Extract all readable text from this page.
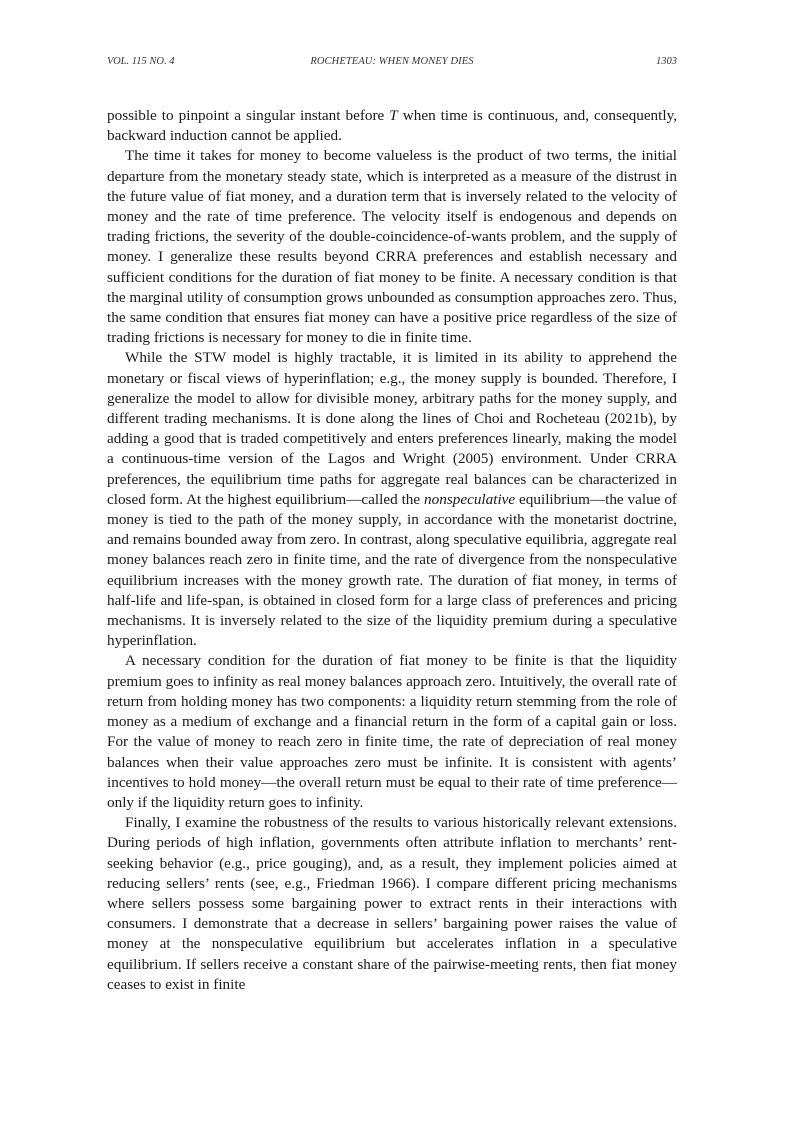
VOL. 115 NO. 4	ROCHETEAU: WHEN MONEY DIES	1303

possible to pinpoint a singular instant before T when time is continuous, and, consequently, backward induction cannot be applied.

The time it takes for money to become valueless is the product of two terms, the initial departure from the monetary steady state, which is interpreted as a measure of the distrust in the future value of fiat money, and a duration term that is inversely related to the velocity of money and the rate of time preference. The velocity itself is endogenous and depends on trading frictions, the severity of the double-coincidence-of-wants problem, and the supply of money. I generalize these results beyond CRRA preferences and establish necessary and sufficient conditions for the duration of fiat money to be finite. A necessary condition is that the marginal utility of consumption grows unbounded as consumption approaches zero. Thus, the same condition that ensures fiat money can have a positive price regardless of the size of trading frictions is necessary for money to die in finite time.

While the STW model is highly tractable, it is limited in its ability to apprehend the monetary or fiscal views of hyperinflation; e.g., the money supply is bounded. Therefore, I generalize the model to allow for divisible money, arbitrary paths for the money supply, and different trading mechanisms. It is done along the lines of Choi and Rocheteau (2021b), by adding a good that is traded competitively and enters preferences linearly, making the model a continuous-time version of the Lagos and Wright (2005) environment. Under CRRA preferences, the equilibrium time paths for aggregate real balances can be characterized in closed form. At the highest equilibrium—called the nonspeculative equilibrium—the value of money is tied to the path of the money supply, in accordance with the monetarist doctrine, and remains bounded away from zero. In contrast, along speculative equilibria, aggregate real money balances reach zero in finite time, and the rate of divergence from the nonspeculative equilibrium increases with the money growth rate. The duration of fiat money, in terms of half-life and life-span, is obtained in closed form for a large class of preferences and pricing mechanisms. It is inversely related to the size of the liquidity premium during a speculative hyperinflation.

A necessary condition for the duration of fiat money to be finite is that the liquidity premium goes to infinity as real money balances approach zero. Intuitively, the overall rate of return from holding money has two components: a liquidity return stemming from the role of money as a medium of exchange and a financial return in the form of a capital gain or loss. For the value of money to reach zero in finite time, the rate of depreciation of real money balances when their value approaches zero must be infinite. It is consistent with agents’ incentives to hold money—the overall return must be equal to their rate of time preference—only if the liquidity return goes to infinity.

Finally, I examine the robustness of the results to various historically relevant extensions. During periods of high inflation, governments often attribute inflation to merchants’ rent-seeking behavior (e.g., price gouging), and, as a result, they implement policies aimed at reducing sellers’ rents (see, e.g., Friedman 1966). I compare different pricing mechanisms where sellers possess some bargaining power to extract rents in their interactions with consumers. I demonstrate that a decrease in sellers’ bargaining power raises the value of money at the nonspeculative equilibrium but accelerates inflation in a speculative equilibrium. If sellers receive a constant share of the pairwise-meeting rents, then fiat money ceases to exist in finite
